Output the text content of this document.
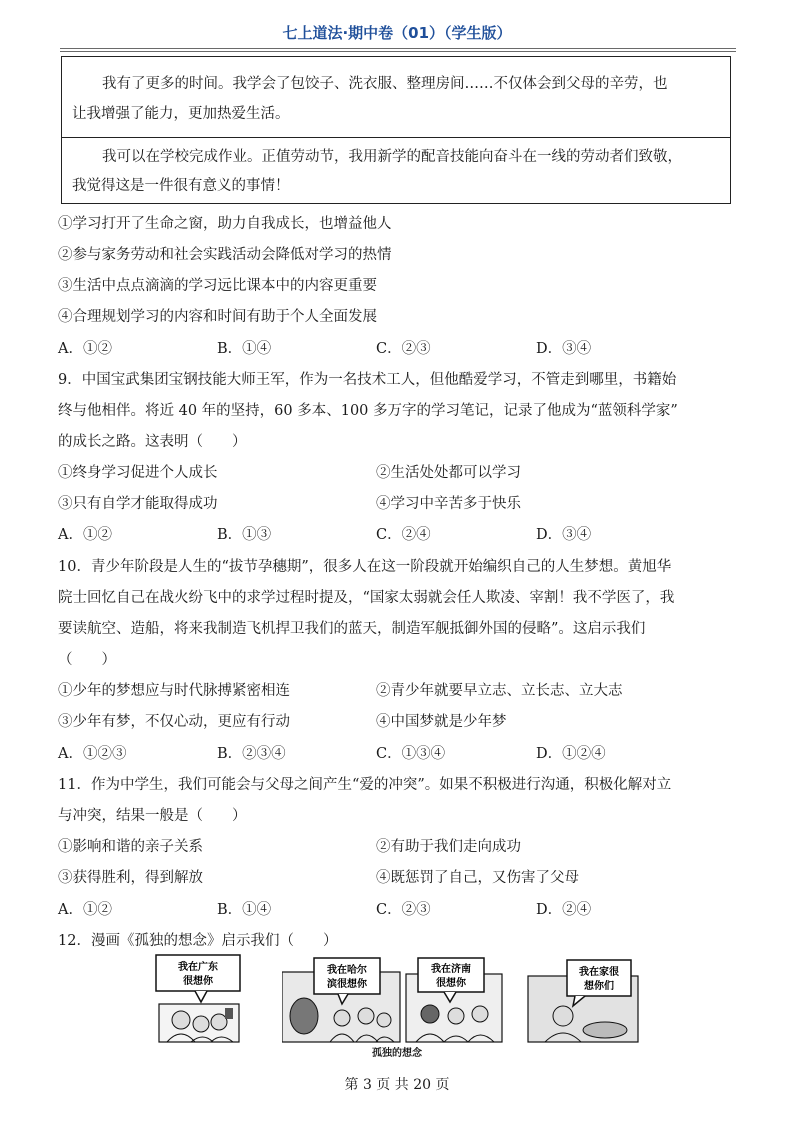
七上道法·期中卷（01）（学生版）
我有了更多的时间。我学会了包饺子、洗衣服、整理房间……不仅体会到父母的辛劳，也
让我增强了能力，更加热爱生活。
我可以在学校完成作业。正值劳动节，我用新学的配音技能向奋斗在一线的劳动者们致敬，
我觉得这是一件很有意义的事情！
①学习打开了生命之窗，助力自我成长，也增益他人
②参与家务劳动和社会实践活动会降低对学习的热情
③生活中点点滴滴的学习远比课本中的内容更重要
④合理规划学习的内容和时间有助于个人全面发展
A．①②	B．①④	C．②③	D．③④
9．中国宝武集团宝钢技能大师王军，作为一名技术工人，但他酷爱学习，不管走到哪里，书籍始
终与他相伴。将近 40 年的坚持，60 多本、100 多万字的学习笔记，记录了他成为“蓝领科学家”
的成长之路。这表明（　　）
①终身学习促进个人成长	②生活处处都可以学习
③只有自学才能取得成功	④学习中辛苦多于快乐
A．①②	B．①③	C．②④	D．③④
10．青少年阶段是人生的“拔节孕穗期”，很多人在这一阶段就开始编织自己的人生梦想。黄旭华
院士回忆自己在战火纷飞中的求学过程时提及，“国家太弱就会任人欺凌、宰割！我不学医了，我
要读航空、造船，将来我制造飞机捍卫我们的蓝天，制造军舰抵御外国的侵略”。这启示我们
（　　）
①少年的梦想应与时代脉搏紧密相连	②青少年就要早立志、立长志、立大志
③少年有梦，不仅心动，更应有行动	④中国梦就是少年梦
A．①②③	B．②③④	C．①③④	D．①②④
11．作为中学生，我们可能会与父母之间产生“爱的冲突”。如果不积极进行沟通，积极化解对立
与冲突，结果一般是（　　）
①影响和谐的亲子关系	②有助于我们走向成功
③获得胜利，得到解放	④既惩罚了自己，又伤害了父母
A．①②	B．①④	C．②③	D．②④
12．漫画《孤独的想念》启示我们（　　）
我在广东
很想你
我在哈尔
滨很想你
我在济南
很想你
我在家很
想你们
孤独的想念
第 3 页 共 20 页
